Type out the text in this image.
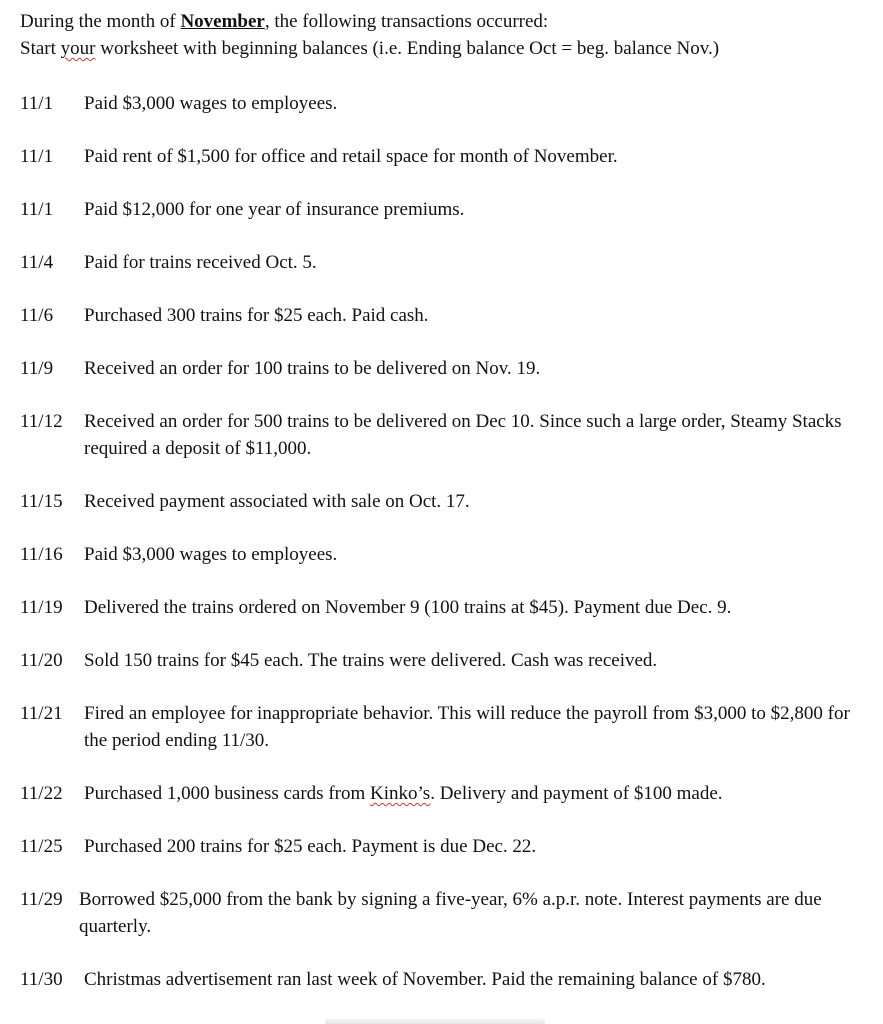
During the month of November, the following transactions occurred:
Start your worksheet with beginning balances (i.e. Ending balance Oct = beg. balance Nov.)
11/1	Paid $3,000 wages to employees.
11/1	Paid rent of $1,500 for office and retail space for month of November.
11/1	Paid $12,000 for one year of insurance premiums.
11/4	Paid for trains received Oct. 5.
11/6	Purchased 300 trains for $25 each. Paid cash.
11/9	Received an order for 100 trains to be delivered on Nov. 19.
11/12	Received an order for 500 trains to be delivered on Dec 10. Since such a large order, Steamy Stacks required a deposit of $11,000.
11/15	Received payment associated with sale on Oct. 17.
11/16	Paid $3,000 wages to employees.
11/19	Delivered the trains ordered on November 9 (100 trains at $45). Payment due Dec. 9.
11/20	Sold 150 trains for $45 each. The trains were delivered. Cash was received.
11/21	Fired an employee for inappropriate behavior. This will reduce the payroll from $3,000 to $2,800 for the period ending 11/30.
11/22	Purchased 1,000 business cards from Kinko’s. Delivery and payment of $100 made.
11/25	Purchased 200 trains for $25 each. Payment is due Dec. 22.
11/29 Borrowed $25,000 from the bank by signing a five-year, 6% a.p.r. note. Interest payments are due quarterly.
11/30	Christmas advertisement ran last week of November. Paid the remaining balance of $780.
